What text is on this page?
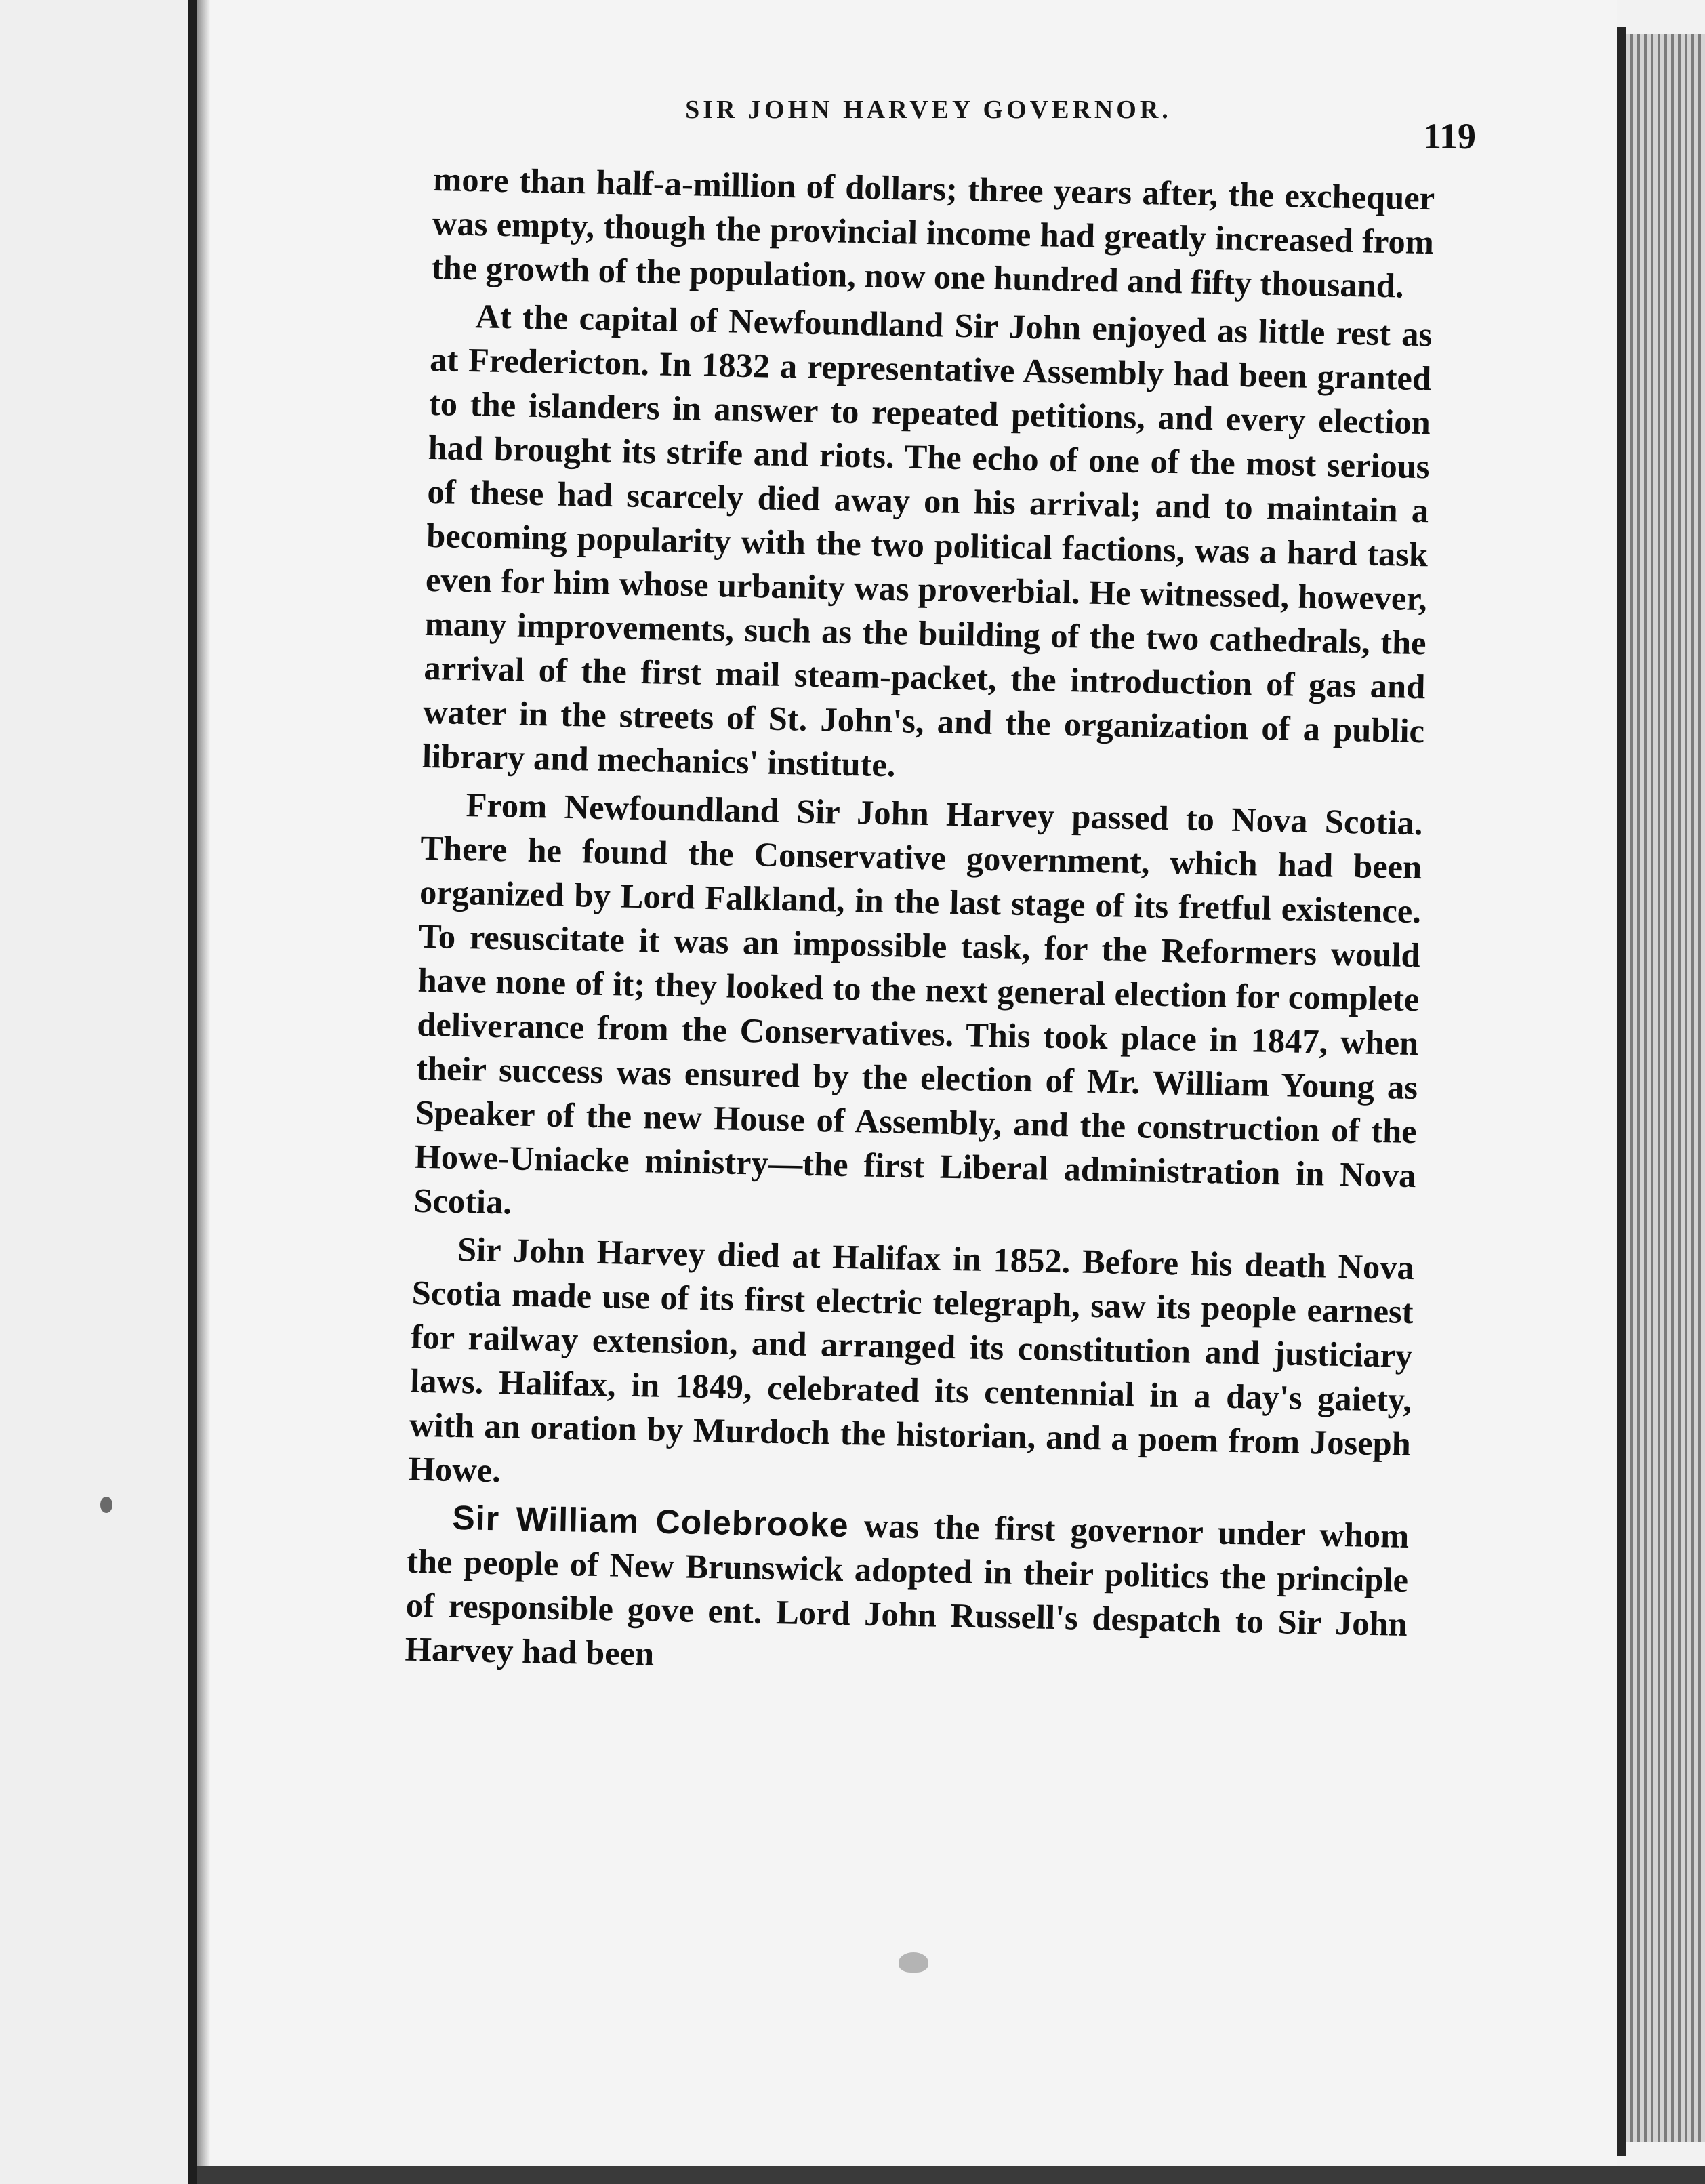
SIR JOHN HARVEY GOVERNOR.
119

more than half-a-million of dollars; three years after, the exchequer was empty, though the provincial income had greatly increased from the growth of the population, now one hundred and fifty thousand.

At the capital of Newfoundland Sir John enjoyed as little rest as at Fredericton. In 1832 a representative Assembly had been granted to the islanders in answer to repeated petitions, and every election had brought its strife and riots. The echo of one of the most serious of these had scarcely died away on his arrival; and to maintain a becoming popularity with the two political factions, was a hard task even for him whose urbanity was proverbial. He witnessed, however, many improvements, such as the building of the two cathedrals, the arrival of the first mail steam-packet, the introduction of gas and water in the streets of St. John's, and the organization of a public library and mechanics' institute.

From Newfoundland Sir John Harvey passed to Nova Scotia. There he found the Conservative government, which had been organized by Lord Falkland, in the last stage of its fretful existence. To resuscitate it was an impossible task, for the Reformers would have none of it; they looked to the next general election for complete deliverance from the Conservatives. This took place in 1847, when their success was ensured by the election of Mr. William Young as Speaker of the new House of Assembly, and the construction of the Howe-Uniacke ministry—the first Liberal administration in Nova Scotia.

Sir John Harvey died at Halifax in 1852. Before his death Nova Scotia made use of its first electric telegraph, saw its people earnest for railway extension, and arranged its constitution and justiciary laws. Halifax, in 1849, celebrated its centennial in a day's gaiety, with an oration by Murdoch the historian, and a poem from Joseph Howe.

Sir William Colebrooke was the first governor under whom the people of New Brunswick adopted in their politics the principle of responsible gove ent. Lord John Russell's despatch to Sir John Harvey had been
